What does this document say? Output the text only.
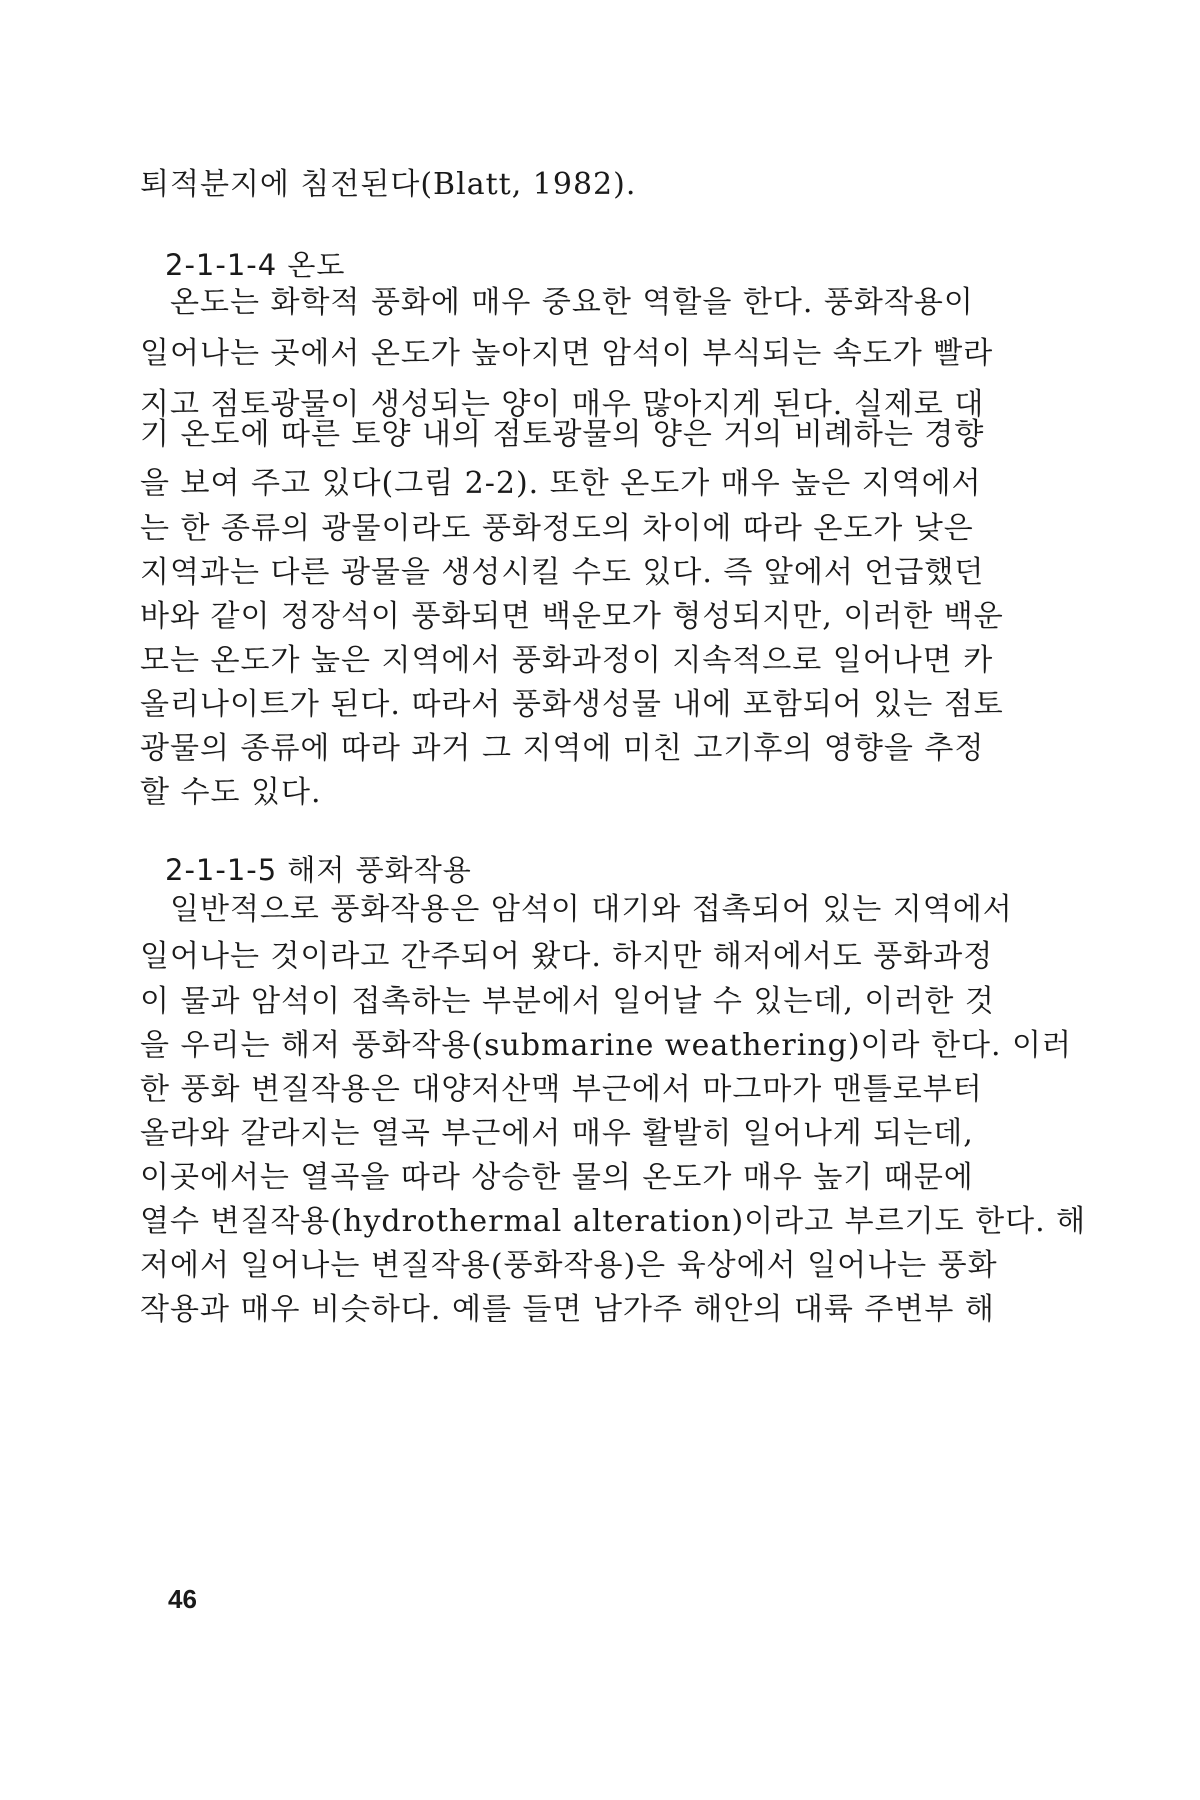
퇴적분지에 침전된다(Blatt, 1982).
2-1-1-4 온도
온도는 화학적 풍화에 매우 중요한 역할을 한다. 풍화작용이
일어나는 곳에서 온도가 높아지면 암석이 부식되는 속도가 빨라
지고 점토광물이 생성되는 양이 매우 많아지게 된다. 실제로 대
기 온도에 따른 토양 내의 점토광물의 양은 거의 비례하는 경향
을 보여 주고 있다(그림 2-2). 또한 온도가 매우 높은 지역에서
는 한 종류의 광물이라도 풍화정도의 차이에 따라 온도가 낮은
지역과는 다른 광물을 생성시킬 수도 있다. 즉 앞에서 언급했던
바와 같이 정장석이 풍화되면 백운모가 형성되지만, 이러한 백운
모는 온도가 높은 지역에서 풍화과정이 지속적으로 일어나면 카
올리나이트가 된다. 따라서 풍화생성물 내에 포함되어 있는 점토
광물의 종류에 따라 과거 그 지역에 미친 고기후의 영향을 추정
할 수도 있다.
2-1-1-5 해저 풍화작용
일반적으로 풍화작용은 암석이 대기와 접촉되어 있는 지역에서
일어나는 것이라고 간주되어 왔다. 하지만 해저에서도 풍화과정
이 물과 암석이 접촉하는 부분에서 일어날 수 있는데, 이러한 것
을 우리는 해저 풍화작용(submarine weathering)이라 한다. 이러
한 풍화 변질작용은 대양저산맥 부근에서 마그마가 맨틀로부터
올라와 갈라지는 열곡 부근에서 매우 활발히 일어나게 되는데,
이곳에서는 열곡을 따라 상승한 물의 온도가 매우 높기 때문에
열수 변질작용(hydrothermal alteration)이라고 부르기도 한다. 해
저에서 일어나는 변질작용(풍화작용)은 육상에서 일어나는 풍화
작용과 매우 비슷하다. 예를 들면 남가주 해안의 대륙 주변부 해
46
